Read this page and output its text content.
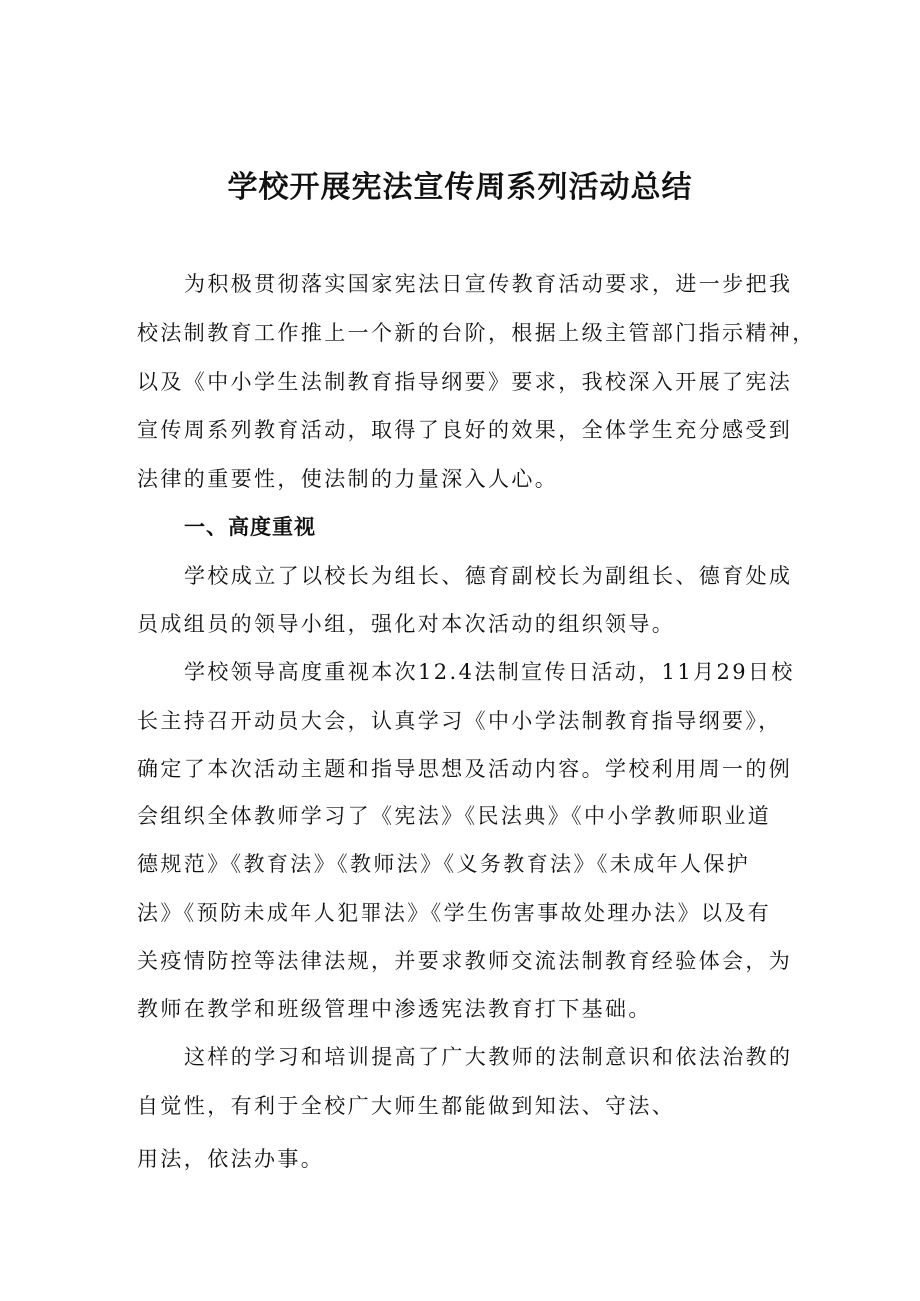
学校开展宪法宣传周系列活动总结
为积极贯彻落实国家宪法日宣传教育活动要求，进一步把我
校法制教育工作推上一个新的台阶，根据上级主管部门指示精神，
以及《中小学生法制教育指导纲要》要求，我校深入开展了宪法
宣传周系列教育活动，取得了良好的效果，全体学生充分感受到
法律的重要性，使法制的力量深入人心。
一、高度重视
学校成立了以校长为组长、德育副校长为副组长、德育处成
员成组员的领导小组，强化对本次活动的组织领导。
学校领导高度重视本次12.4法制宣传日活动，11月29日校
长主持召开动员大会，认真学习《中小学法制教育指导纲要》，
确定了本次活动主题和指导思想及活动内容。学校利用周一的例
会组织全体教师学习了《宪法》《民法典》《中小学教师职业道
德规范》《教育法》《教师法》《义务教育法》《未成年人保护
法》《预防未成年人犯罪法》《学生伤害事故处理办法》以及有
关疫情防控等法律法规，并要求教师交流法制教育经验体会，为
教师在教学和班级管理中渗透宪法教育打下基础。
这样的学习和培训提高了广大教师的法制意识和依法治教的
自觉性，有利于全校广大师生都能做到知法、守法、
用法，依法办事。
